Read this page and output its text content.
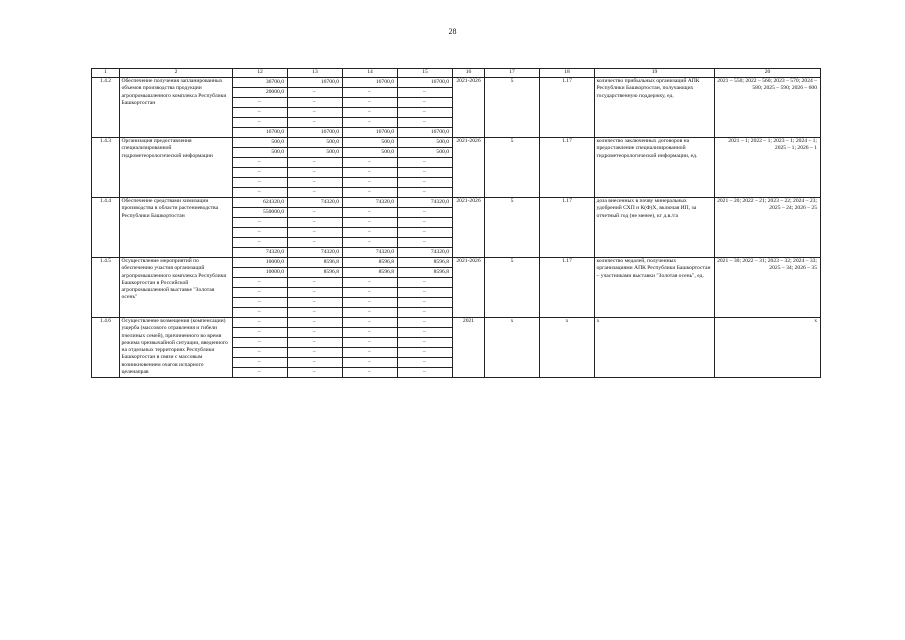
28
1	2	12	13	14	15	16	17	18	19	20
1.4.2	Обеспечение получения запланированных объемов производства продукции агропромышленного комплекса Республики Башкортостан	36700,0	16700,0	16700,0	16700,0	2021-2026	5	1.17	количество прибыльных организаций АПК Республики Башкортостан, получающих государственную поддержку, ед.	2021 – 550; 2022 – 560; 2023 – 570; 2024 – 580; 2025 – 590; 2026 – 600
		20000,0	–	–	–					
		–	–	–	–					
		–	–	–	–					
		–	–	–	–					
		16700,0	16700,0	16700,0	16700,0					
1.4.3	Организация предоставления специализированной гидрометеорологической информации	500,0	500,0	500,0	500,0	2021-2026	5	1.17	количество заключенных договоров на предоставление специализированной гидрометеорологической информации, ед.	2021 – 1; 2022 – 1; 2023 – 1; 2024 – 1; 2025 – 1; 2026 – 1
		500,0	500,0	500,0	500,0					
		–	–	–	–					
		–	–	–	–					
		–	–	–	–					
		–	–	–	–					
1.4.4	Обеспечение средствами химизации производства в области растениеводства Республики Башкортостан	624320,0	74320,0	74320,0	74320,0	2021-2026	5	1.17	доза внесенных в почву минеральных удобрений СХП и К(Ф)Х, включая ИП, за отчетный год (не менее), кг д.в./га	2021 – 20; 2022 – 21; 2023 – 22; 2024 – 23; 2025 – 24; 2026 – 25
		550000,0	–	–	–					
		–	–	–	–					
		–	–	–	–					
		–	–	–	–					
		74320,0	74320,0	74320,0	74320,0					
1.4.5	Осуществление мероприятий по обеспечению участия организаций агропромышленного комплекса Республики Башкортостан в Российской агропромышленной выставке "Золотая осень"	10000,0	8596,8	8596,8	8596,8	2021-2026	5	1.17	количество медалей, полученных организациями АПК Республики Башкортостан – участниками выставки "Золотая осень", ед.	2021 – 30; 2022 – 31; 2023 – 32; 2024 – 33; 2025 – 34; 2026 – 35
		10000,0	8596,8	8596,8	8596,8					
		–	–	–	–					
		–	–	–	–					
		–	–	–	–					
		–	–	–	–					
1.4.6	Осуществление возмещения (компенсации) ущерба (массового отравления и гибели пчелиных семей), причиненного во время режима чрезвычайной ситуации, введенного на отдельных территориях Республики Башкортостан в связи с массовым возникновением очагов испарного целенаправ	–	–	–	–	2021	x	x	x	x
		–	–	–	–					
		–	–	–	–					
		–	–	–	–					
		–	–	–	–					
		–	–	–	–					
